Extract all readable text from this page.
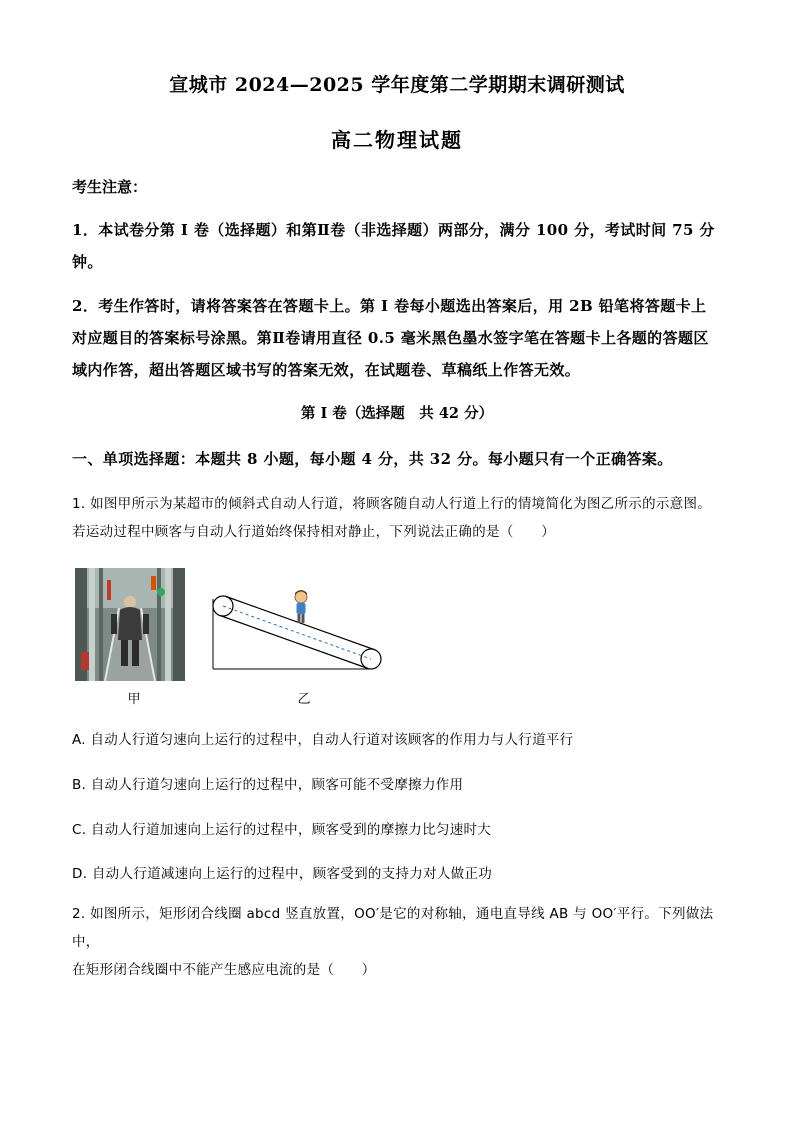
宣城市 2024—2025 学年度第二学期期末调研测试
高二物理试题
考生注意：
1．本试卷分第 I 卷（选择题）和第Ⅱ卷（非选择题）两部分，满分 100 分，考试时间 75 分
钟。
2．考生作答时，请将答案答在答题卡上。第 I 卷每小题选出答案后，用 2B 铅笔将答题卡上
对应题目的答案标号涂黑。第Ⅱ卷请用直径 0.5 毫米黑色墨水签字笔在答题卡上各题的答题区
域内作答，超出答题区域书写的答案无效，在试题卷、草稿纸上作答无效。
第 I 卷（选择题　共 42 分）
一、单项选择题：本题共 8 小题，每小题 4 分，共 32 分。每小题只有一个正确答案。
1. 如图甲所示为某超市的倾斜式自动人行道，将顾客随自动人行道上行的情境简化为图乙所示的示意图。
若运动过程中顾客与自动人行道始终保持相对静止，下列说法正确的是（　　）
甲	乙
A. 自动人行道匀速向上运行的过程中，自动人行道对该顾客的作用力与人行道平行
B. 自动人行道匀速向上运行的过程中，顾客可能不受摩擦力作用
C. 自动人行道加速向上运行的过程中，顾客受到的摩擦力比匀速时大
D. 自动人行道减速向上运行的过程中，顾客受到的支持力对人做正功
2. 如图所示，矩形闭合线圈 abcd 竖直放置，OO′是它的对称轴，通电直导线 AB 与 OO′平行。下列做法中，
在矩形闭合线圈中不能产生感应电流的是（　　）
